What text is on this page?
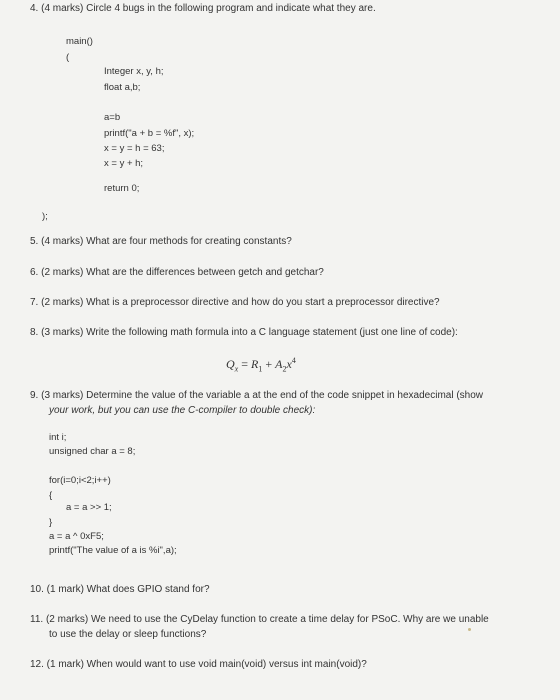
4. (4 marks) Circle 4 bugs in the following program and indicate what they are.
main()
(
Integer x, y, h;
float a,b;
a=b
printf("a + b = %f", x);
x = y = h = 63;
x = y + h;
return 0;
);
5. (4 marks) What are four methods for creating constants?
6. (2 marks) What are the differences between getch and getchar?
7. (2 marks) What is a preprocessor directive and how do you start a preprocessor directive?
8. (3 marks) Write the following math formula into a C language statement (just one line of code):
$Q_x = R_1 + A_2x^4$
9. (3 marks) Determine the value of the variable a at the end of the code snippet in hexadecimal (show
your work, but you can use the C-compiler to double check):
int i;
unsigned char a = 8;
for(i=0;i<2;i++)
{
a = a >> 1;
}
a = a ^ 0xF5;
printf("The value of a is %i",a);
10. (1 mark) What does GPIO stand for?
11. (2 marks) We need to use the CyDelay function to create a time delay for PSoC. Why are we unable
to use the delay or sleep functions?
12. (1 mark) When would want to use void main(void) versus int main(void)?
